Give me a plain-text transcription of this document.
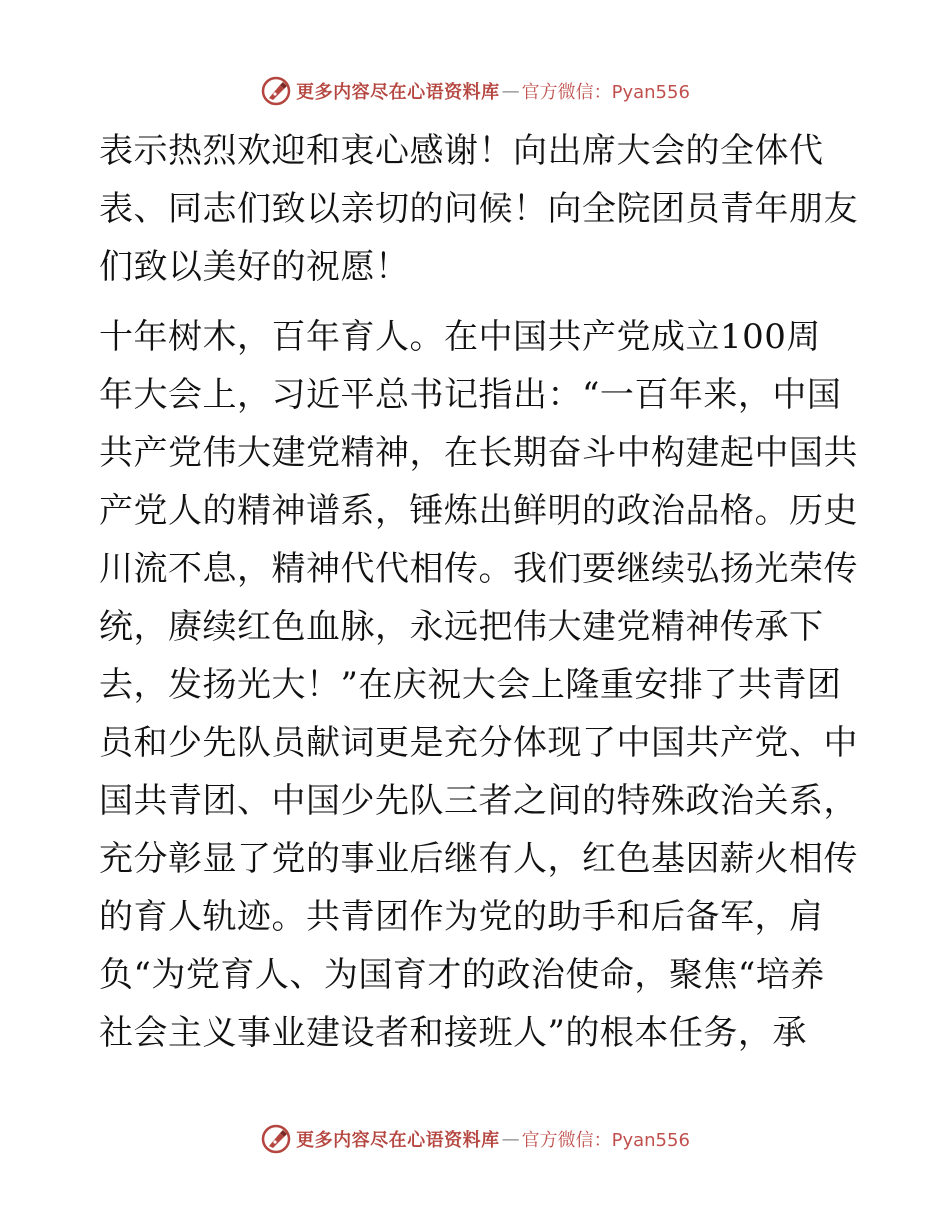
更多内容尽在心语资料库 — 官方微信：Pyan556
表示热烈欢迎和衷心感谢！向出席大会的全体代
表、同志们致以亲切的问候！向全院团员青年朋友
们致以美好的祝愿！
十年树木，百年育人。在中国共产党成立100周
年大会上，习近平总书记指出：“一百年来，中国
共产党伟大建党精神，在长期奋斗中构建起中国共
产党人的精神谱系，锤炼出鲜明的政治品格。历史
川流不息，精神代代相传。我们要继续弘扬光荣传
统，赓续红色血脉，永远把伟大建党精神传承下
去，发扬光大！”在庆祝大会上隆重安排了共青团
员和少先队员献词更是充分体现了中国共产党、中
国共青团、中国少先队三者之间的特殊政治关系，
充分彰显了党的事业后继有人，红色基因薪火相传
的育人轨迹。共青团作为党的助手和后备军，肩
负“为党育人、为国育才的政治使命，聚焦“培养
社会主义事业建设者和接班人”的根本任务，承
更多内容尽在心语资料库 — 官方微信：Pyan556
